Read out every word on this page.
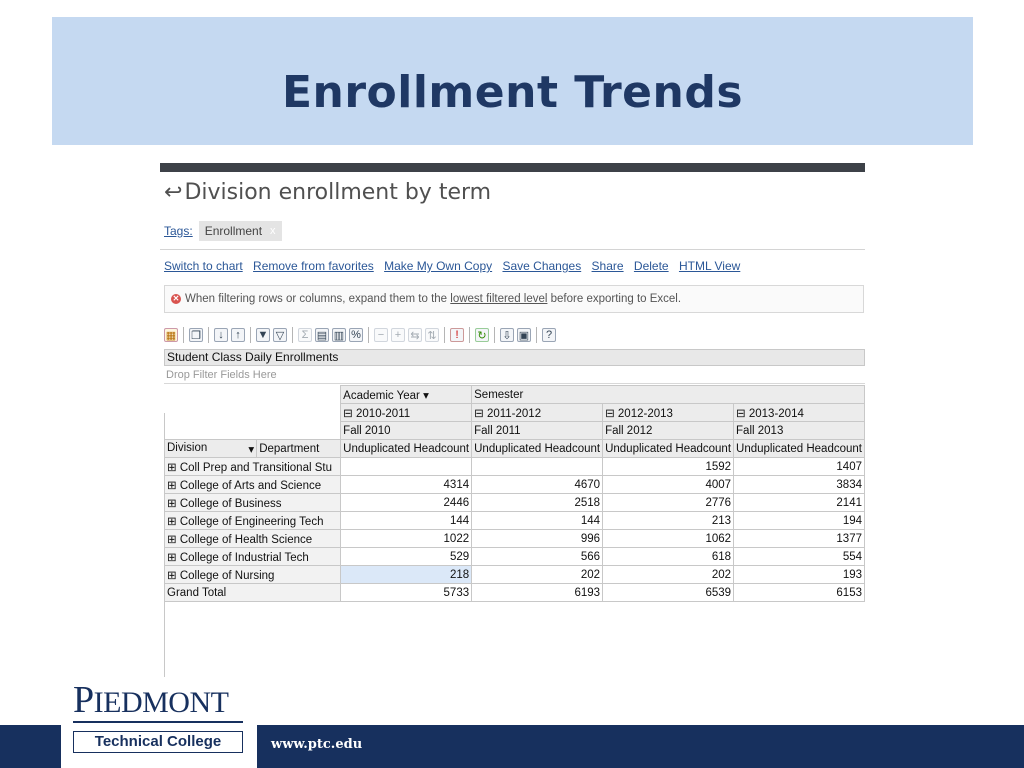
Enrollment Trends
↩Division enrollment by term
Tags: Enrollment x
Switch to chart Remove from favorites Make My Own Copy Save Changes Share Delete HTML View
✕ When filtering rows or columns, expand them to the
lowest filtered level
before exporting to Excel.
▦ ❐	↓	↑	▼ ▽	Σ ▤ ▥ %	− + ⇆ ⇅	!	↻ ⇩ ▣	?
Student Class Daily Enrollments
Drop Filter Fields Here
		Academic Year ▾	Semester		
		⊟ 2010-2011	⊟ 2011-2012	⊟ 2012-2013	⊟ 2013-2014
		Fall 2010	Fall 2011	Fall 2012	Fall 2013
Division ▾	Department	Unduplicated Headcount	Unduplicated Headcount	Unduplicated Headcount	Unduplicated Headcount
⊞ Coll Prep and Transitional Stu				1592	1407
⊞ College of Arts and Science		4314	4670	4007	3834
⊞ College of Business		2446	2518	2776	2141
⊞ College of Engineering Tech		144	144	213	194
⊞ College of Health Science		1022	996	1062	1377
⊞ College of Industrial Tech		529	566	618	554
⊞ College of Nursing		218	202	202	193
Grand Total		5733	6193	6539	6153
www.ptc.edu
PIEDMONT
Technical College
